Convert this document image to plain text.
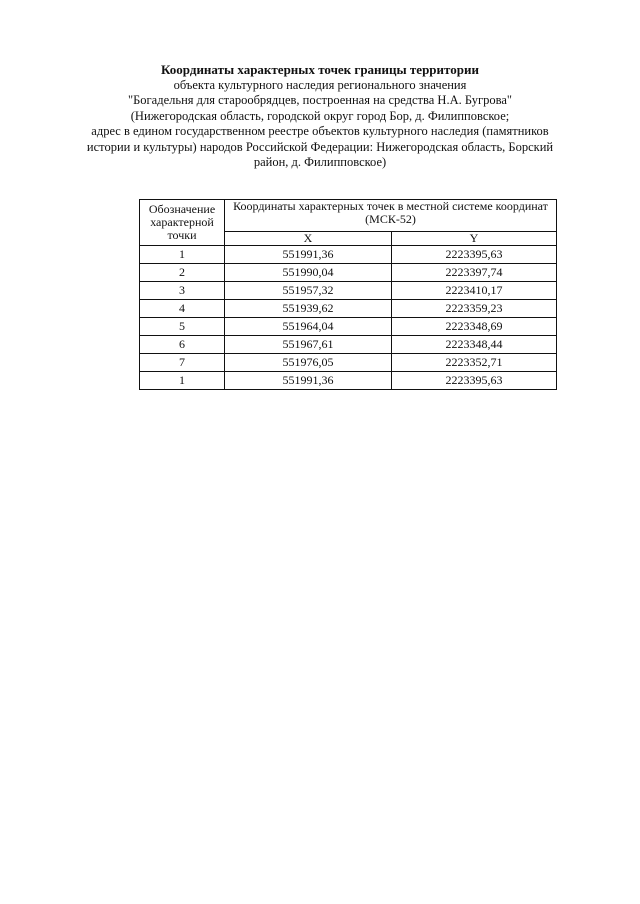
Координаты характерных точек границы территории
объекта культурного наследия регионального значения
"Богадельня для старообрядцев, построенная на средства Н.А. Бугрова"
(Нижегородская область, городской округ город Бор, д. Филипповское;
адрес в едином государственном реестре объектов культурного наследия (памятников
истории и культуры) народов Российской Федерации: Нижегородская область, Борский
район, д. Филипповское)
Обозначение характерной точки	Координаты характерных точек в местной системе координат (МСК-52)	
	X	Y
1	551991,36	2223395,63
2	551990,04	2223397,74
3	551957,32	2223410,17
4	551939,62	2223359,23
5	551964,04	2223348,69
6	551967,61	2223348,44
7	551976,05	2223352,71
1	551991,36	2223395,63
